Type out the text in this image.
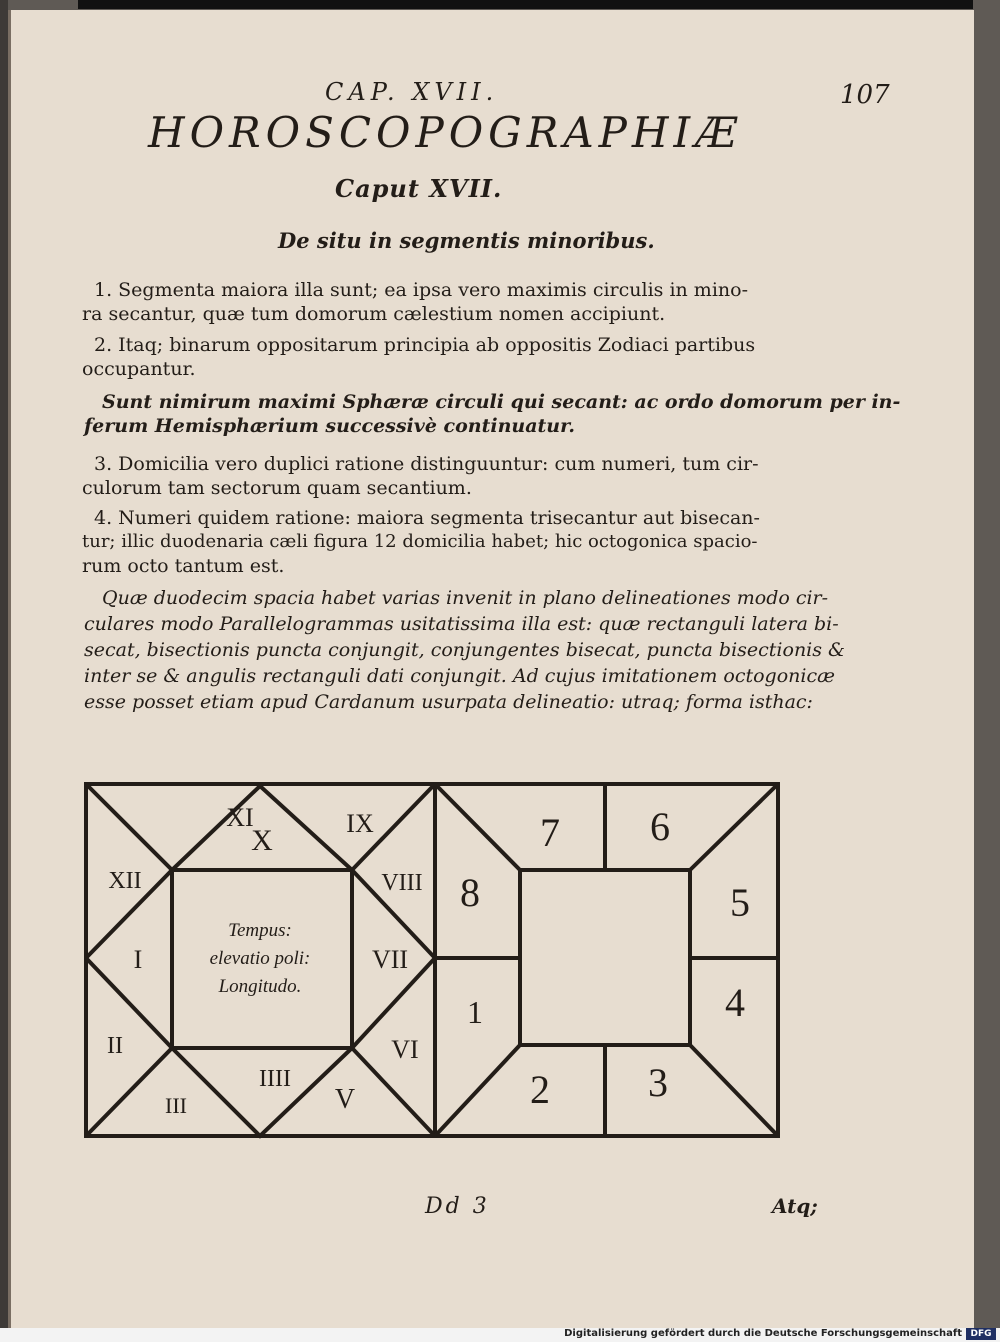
CAP. XVII.	107
HOROSCOPOGRAPHIÆ
Caput XVII.
De situ in segmentis minoribus.
1. Segmenta maiora illa sunt; ea ipsa vero maximis circulis in mino-
ra secantur, quæ tum domorum cælestium nomen accipiunt.
2. Itaq; binarum oppositarum principia ab oppositis Zodiaci partibus
occupantur.
Sunt nimirum maximi Sphæræ circuli qui secant: ac ordo domorum per in-
ferum Hemisphærium successivè continuatur.
3. Domicilia vero duplici ratione distinguuntur: cum numeri, tum cir-
culorum tam sectorum quam secantium.
4. Numeri quidem ratione: maiora segmenta trisecantur aut bisecan-
tur; illic duodenaria cæli figura 12 domicilia habet; hic octogonica spacio-
rum octo tantum est.
Quæ duodecim spacia habet varias invenit in plano delineationes modo cir-
culares modo Parallelogrammas usitatissima illa est: quæ rectanguli latera bi-
secat, bisectionis puncta conjungit, conjungentes bisecat, puncta bisectionis &
inter se & angulis rectanguli dati conjungit. Ad cujus imitationem octogonicæ
esse posset etiam apud Cardanum usurpata delineatio: utraq; forma isthac:
XI
X
IX
XII	VIII
I	VII
II	VI
III
IIII
V
Tempus:
elevatio poli:
Longitudo.
7 6
8	5
1	4
2 3
Dd 3	Atq;
Digitalisierung gefördert durch die Deutsche Forschungsgemeinschaft DFG
